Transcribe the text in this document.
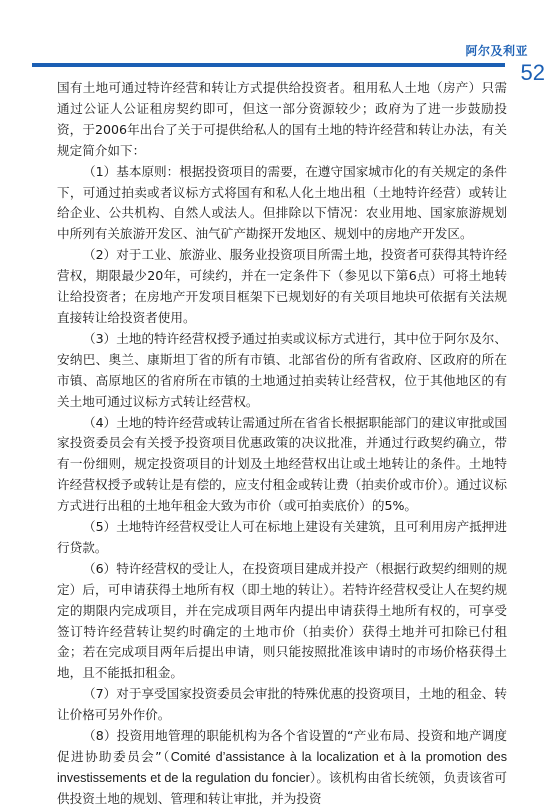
阿尔及利亚
52

国有土地可通过特许经营和转让方式提供给投资者。租用私人土地（房产）只需通过公证人公证租房契约即可，但这一部分资源较少；政府为了进一步鼓励投资，于2006年出台了关于可提供给私人的国有土地的特许经营和转让办法，有关规定简介如下：

（1）基本原则：根据投资项目的需要，在遵守国家城市化的有关规定的条件下，可通过拍卖或者议标方式将国有和私人化土地出租（土地特许经营）或转让给企业、公共机构、自然人或法人。但排除以下情况：农业用地、国家旅游规划中所列有关旅游开发区、油气矿产勘探开发地区、规划中的房地产开发区。

（2）对于工业、旅游业、服务业投资项目所需土地，投资者可获得其特许经营权，期限最少20年，可续约，并在一定条件下（参见以下第6点）可将土地转让给投资者；在房地产开发项目框架下已规划好的有关项目地块可依据有关法规直接转让给投资者使用。

（3）土地的特许经营权授予通过拍卖或议标方式进行，其中位于阿尔及尔、安纳巴、奥兰、康斯坦丁省的所有市镇、北部省份的所有省政府、区政府的所在市镇、高原地区的省府所在市镇的土地通过拍卖转让经营权，位于其他地区的有关土地可通过议标方式转让经营权。

（4）土地的特许经营或转让需通过所在省省长根据职能部门的建议审批或国家投资委员会有关授予投资项目优惠政策的决议批准，并通过行政契约确立，带有一份细则，规定投资项目的计划及土地经营权出让或土地转让的条件。土地特许经营权授予或转让是有偿的，应支付租金或转让费（拍卖价或市价）。通过议标方式进行出租的土地年租金大致为市价（或可拍卖底价）的5%。

（5）土地特许经营权受让人可在标地上建设有关建筑，且可利用房产抵押进行贷款。

（6）特许经营权的受让人，在投资项目建成并投产（根据行政契约细则的规定）后，可申请获得土地所有权（即土地的转让）。若特许经营权受让人在契约规定的期限内完成项目，并在完成项目两年内提出申请获得土地所有权的，可享受签订特许经营转让契约时确定的土地市价（拍卖价）获得土地并可扣除已付租金；若在完成项目两年后提出申请，则只能按照批准该申请时的市场价格获得土地，且不能抵扣租金。

（7）对于享受国家投资委员会审批的特殊优惠的投资项目，土地的租金、转让价格可另外作价。

（8）投资用地管理的职能机构为各个省设置的“产业布局、投资和地产调度促进协助委员会”（Comité d’assistance à la localization et à la promotion des investissements et de la regulation du foncier）。该机构由省长统领，负责该省可供投资土地的规划、管理和转让审批，并为投资
